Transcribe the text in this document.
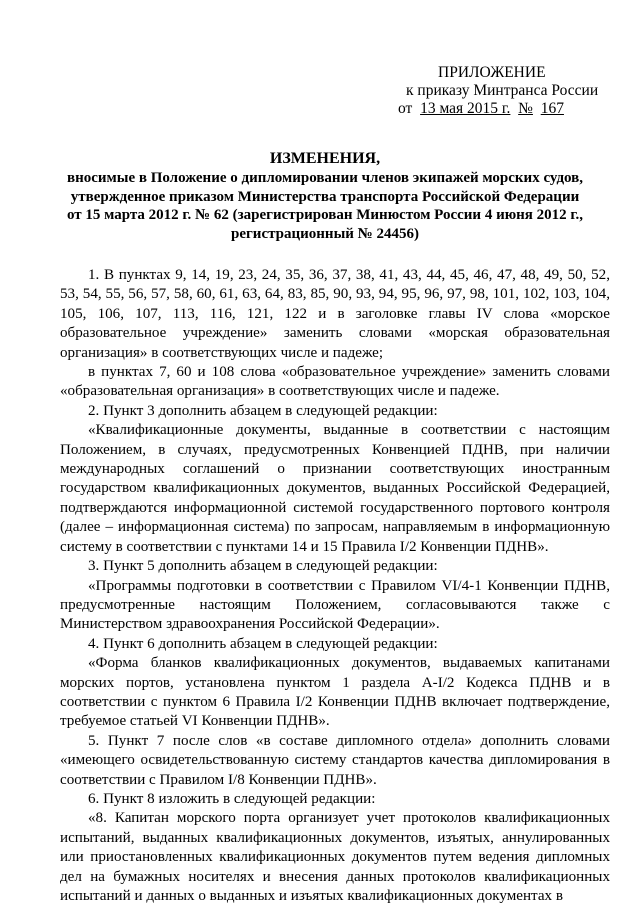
ПРИЛОЖЕНИЕ
к приказу Минтранса России
от 13 мая 2015 г. № 167
ИЗМЕНЕНИЯ,
вносимые в Положение о дипломировании членов экипажей морских судов,
утвержденное приказом Министерства транспорта Российской Федерации
от 15 марта 2012 г. № 62 (зарегистрирован Минюстом России 4 июня 2012 г.,
регистрационный № 24456)

1. В пунктах 9, 14, 19, 23, 24, 35, 36, 37, 38, 41, 43, 44, 45, 46, 47, 48, 49, 50, 52, 53, 54, 55, 56, 57, 58, 60, 61, 63, 64, 83, 85, 90, 93, 94, 95, 96, 97, 98, 101, 102, 103, 104, 105, 106, 107, 113, 116, 121, 122 и в заголовке главы IV слова «морское образовательное учреждение» заменить словами «морская образовательная организация» в соответствующих числе и падеже;

в пунктах 7, 60 и 108 слова «образовательное учреждение» заменить словами «образовательная организация» в соответствующих числе и падеже.

2. Пункт 3 дополнить абзацем в следующей редакции:

«Квалификационные документы, выданные в соответствии с настоящим Положением, в случаях, предусмотренных Конвенцией ПДНВ, при наличии международных соглашений о признании соответствующих иностранным государством квалификационных документов, выданных Российской Федерацией, подтверждаются информационной системой государственного портового контроля (далее – информационная система) по запросам, направляемым в информационную систему в соответствии с пунктами 14 и 15 Правила I/2 Конвенции ПДНВ».

3. Пункт 5 дополнить абзацем в следующей редакции:

«Программы подготовки в соответствии с Правилом VI/4-1 Конвенции ПДНВ, предусмотренные настоящим Положением, согласовываются также с Министерством здравоохранения Российской Федерации».

4. Пункт 6 дополнить абзацем в следующей редакции:

«Форма бланков квалификационных документов, выдаваемых капитанами морских портов, установлена пунктом 1 раздела A-I/2 Кодекса ПДНВ и в соответствии с пунктом 6 Правила I/2 Конвенции ПДНВ включает подтверждение, требуемое статьей VI Конвенции ПДНВ».

5. Пункт 7 после слов «в составе дипломного отдела» дополнить словами «имеющего освидетельствованную систему стандартов качества дипломирования в соответствии с Правилом I/8 Конвенции ПДНВ».

6. Пункт 8 изложить в следующей редакции:

«8. Капитан морского порта организует учет протоколов квалификационных испытаний, выданных квалификационных документов, изъятых, аннулированных или приостановленных квалификационных документов путем ведения дипломных дел на бумажных носителях и внесения данных протоколов квалификационных испытаний и данных о выданных и изъятых квалификационных документах в
